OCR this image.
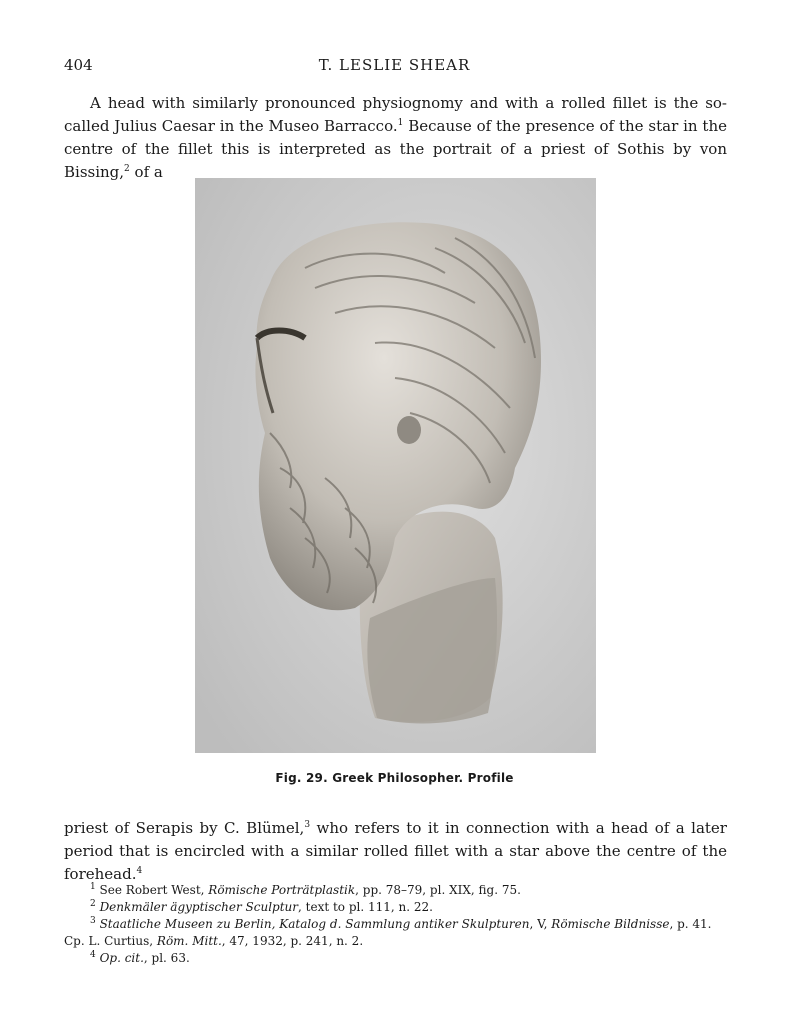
404	T. LESLIE SHEAR

A head with similarly pronounced physiognomy and with a rolled fillet is the so-called Julius Caesar in the Museo Barracco.$^1$ Because of the presence of the star in the centre of the fillet this is interpreted as the portrait of a priest of Sothis by von Bissing,$^2$ of a

Fig. 29. Greek Philosopher. Profile

priest of Serapis by C. Blümel,$^3$ who refers to it in connection with a head of a later period that is encircled with a similar rolled fillet with a star above the centre of the forehead.$^4$

$^1$ See Robert West, Römische Porträtplastik, pp. 78–79, pl. XIX, fig. 75.
$^2$ Denkmäler ägyptischer Sculptur, text to pl. 111, n. 22.
$^3$ Staatliche Museen zu Berlin, Katalog d. Sammlung antiker Skulpturen, V, Römische Bildnisse, p. 41. Cp. L. Curtius, Röm. Mitt., 47, 1932, p. 241, n. 2.
$^4$ Op. cit., pl. 63.
